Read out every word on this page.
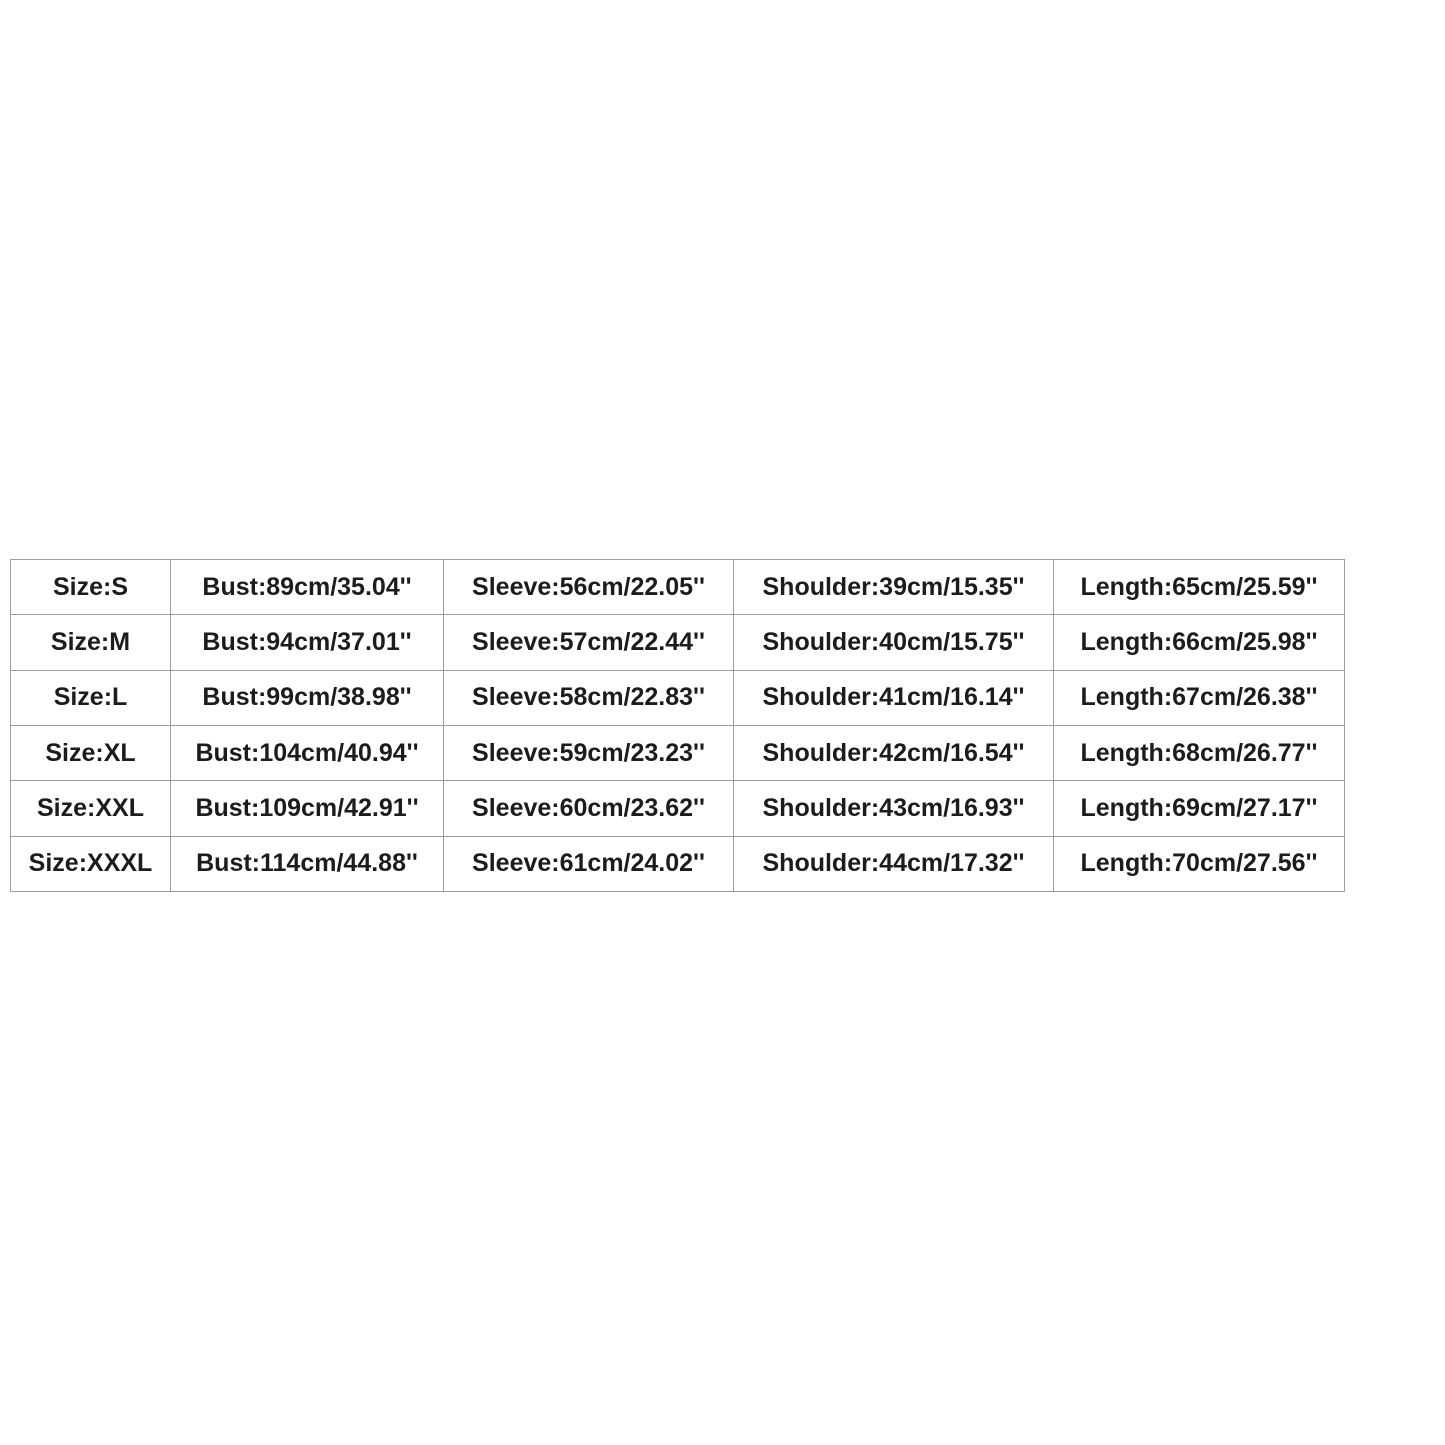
Size:S	Bust:89cm/35.04''	Sleeve:56cm/22.05''	Shoulder:39cm/15.35''	Length:65cm/25.59''
Size:M	Bust:94cm/37.01''	Sleeve:57cm/22.44''	Shoulder:40cm/15.75''	Length:66cm/25.98''
Size:L	Bust:99cm/38.98''	Sleeve:58cm/22.83''	Shoulder:41cm/16.14''	Length:67cm/26.38''
Size:XL	Bust:104cm/40.94''	Sleeve:59cm/23.23''	Shoulder:42cm/16.54''	Length:68cm/26.77''
Size:XXL	Bust:109cm/42.91''	Sleeve:60cm/23.62''	Shoulder:43cm/16.93''	Length:69cm/27.17''
Size:XXXL	Bust:114cm/44.88''	Sleeve:61cm/24.02''	Shoulder:44cm/17.32''	Length:70cm/27.56''
